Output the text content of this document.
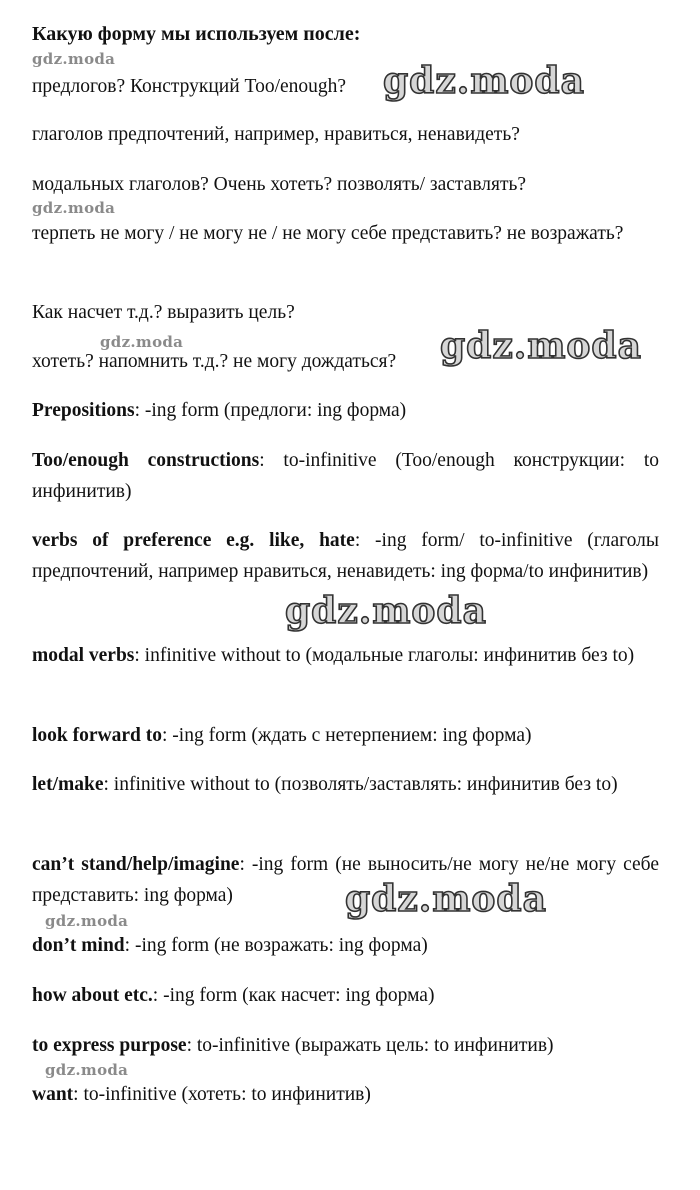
Какую форму мы используем после:
предлогов? Конструкций Too/enough?
глаголов предпочтений, например, нравиться, ненавидеть?
модальных глаголов? Очень хотеть? позволять/ заставлять?
терпеть не могу / не могу не / не могу себе представить? не возражать?
Как насчет т.д.? выразить цель?
хотеть? напомнить т.д.? не могу дождаться?
Prepositions: -ing form (предлоги: ing форма)
Too/enough constructions: to-infinitive (Too/enough конструкции: to инфинитив)
verbs of preference e.g. like, hate: -ing form/ to-infinitive (глаголы предпочтений, например нравиться, ненавидеть: ing форма/to инфинитив)
modal verbs: infinitive without to (модальные глаголы: инфинитив без to)
look forward to: -ing form (ждать с нетерпением: ing форма)
let/make: infinitive without to (позволять/заставлять: инфинитив без to)
can’t stand/help/imagine: -ing form (не выносить/не могу не/не могу себе представить: ing форма)
don’t mind: -ing form (не возражать: ing форма)
how about etc.: -ing form (как насчет: ing форма)
to express purpose: to-infinitive (выражать цель: to инфинитив)
want: to-infinitive (хотеть: to инфинитив)
gdz.moda
gdz.moda
gdz.moda
gdz.moda	gdz.moda
gdz.moda
gdz.moda
gdz.moda
gdz.moda
